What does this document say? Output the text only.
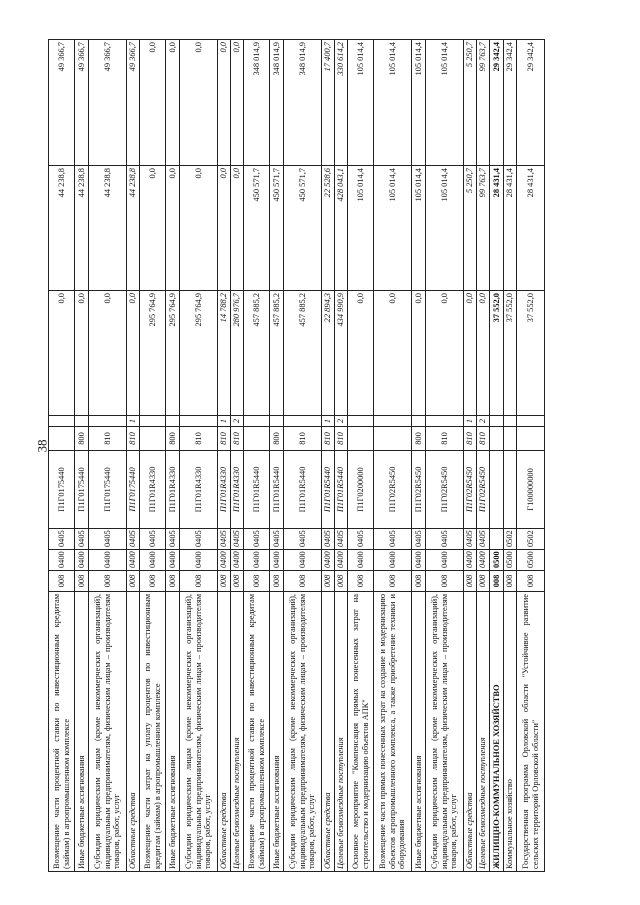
38
Возмещение части процентной ставки по инвестиционным кредитам (займам) в агропромышленном комплексе	008	0400	0405	П1Г0175440			0,0	44 238,8	49 366,7
Иные бюджетные ассигнования	008	0400	0405	П1Г0175440	800		0,0	44 238,8	49 366,7
Субсидии юридическим лицам (кроме некоммерческих организаций), индивидуальным предпринимателям, физическим лицам – производителям товаров, работ, услуг	008	0400	0405	П1Г0175440	810		0,0	44 238,8	49 366,7
Областные средства	008	0400	0405	П1Г0175440	810	1	0,0	44 238,8	49 366,7
Возмещение части затрат на уплату процентов по инвестиционным кредитам (займам) в агропромышленном комплексе	008	0400	0405	П1Г01R4330			295 764,9	0,0	0,0
Иные бюджетные ассигнования	008	0400	0405	П1Г01R4330	800		295 764,9	0,0	0,0
Субсидии юридическим лицам (кроме некоммерческих организаций), индивидуальным предпринимателям, физическим лицам – производителям товаров, работ, услуг	008	0400	0405	П1Г01R4330	810		295 764,9	0,0	0,0
Областные средства	008	0400	0405	П1Г01R4330	810	1	14 788,2	0,0	0,0
Целевые безвозмездные поступления	008	0400	0405	П1Г01R4330	810	2	280 976,7	0,0	0,0
Возмещение части процентной ставки по инвестиционным кредитам (займам) в агропромышленном комплексе	008	0400	0405	П1Г01R5440			457 885,2	450 571,7	348 014,9
Иные бюджетные ассигнования	008	0400	0405	П1Г01R5440	800		457 885,2	450 571,7	348 014,9
Субсидии юридическим лицам (кроме некоммерческих организаций), индивидуальным предпринимателям, физическим лицам – производителям товаров, работ, услуг	008	0400	0405	П1Г01R5440	810		457 885,2	450 571,7	348 014,9
Областные средства	008	0400	0405	П1Г01R5440	810	1	22 894,3	22 528,6	17 400,7
Целевые безвозмездные поступления	008	0400	0405	П1Г01R5440	810	2	434 990,9	428 043,1	330 614,2
Основное мероприятие "Компенсация прямых понесенных затрат на строительство и модернизацию объектов АПК"	008	0400	0405	П1Г0200000			0,0	105 014,4	105 014,4
Возмещение части прямых понесенных затрат на создание и модернизацию объектов агропромышленного комплекса, а также приобретение техники и оборудования	008	0400	0405	П1Г02R5450			0,0	105 014,4	105 014,4
Иные бюджетные ассигнования	008	0400	0405	П1Г02R5450	800		0,0	105 014,4	105 014,4
Субсидии юридическим лицам (кроме некоммерческих организаций), индивидуальным предпринимателям, физическим лицам – производителям товаров, работ, услуг	008	0400	0405	П1Г02R5450	810		0,0	105 014,4	105 014,4
Областные средства	008	0400	0405	П1Г02R5450	810	1	0,0	5 250,7	5 250,7
Целевые безвозмездные поступления	008	0400	0405	П1Г02R5450	810	2	0,0	99 763,7	99 763,7
ЖИЛИЩНО-КОММУНАЛЬНОЕ ХОЗЯЙСТВО	008	0500					37 552,0	28 431,4	29 342,4
Коммунальное хозяйство	008	0500	0502				37 552,0	28 431,4	29 342,4
Государственная программа Орловской области "Устойчивое развитие сельских территорий Орловской области"	008	0500	0502	Г100000000			37 552,0	28 431,4	29 342,4
